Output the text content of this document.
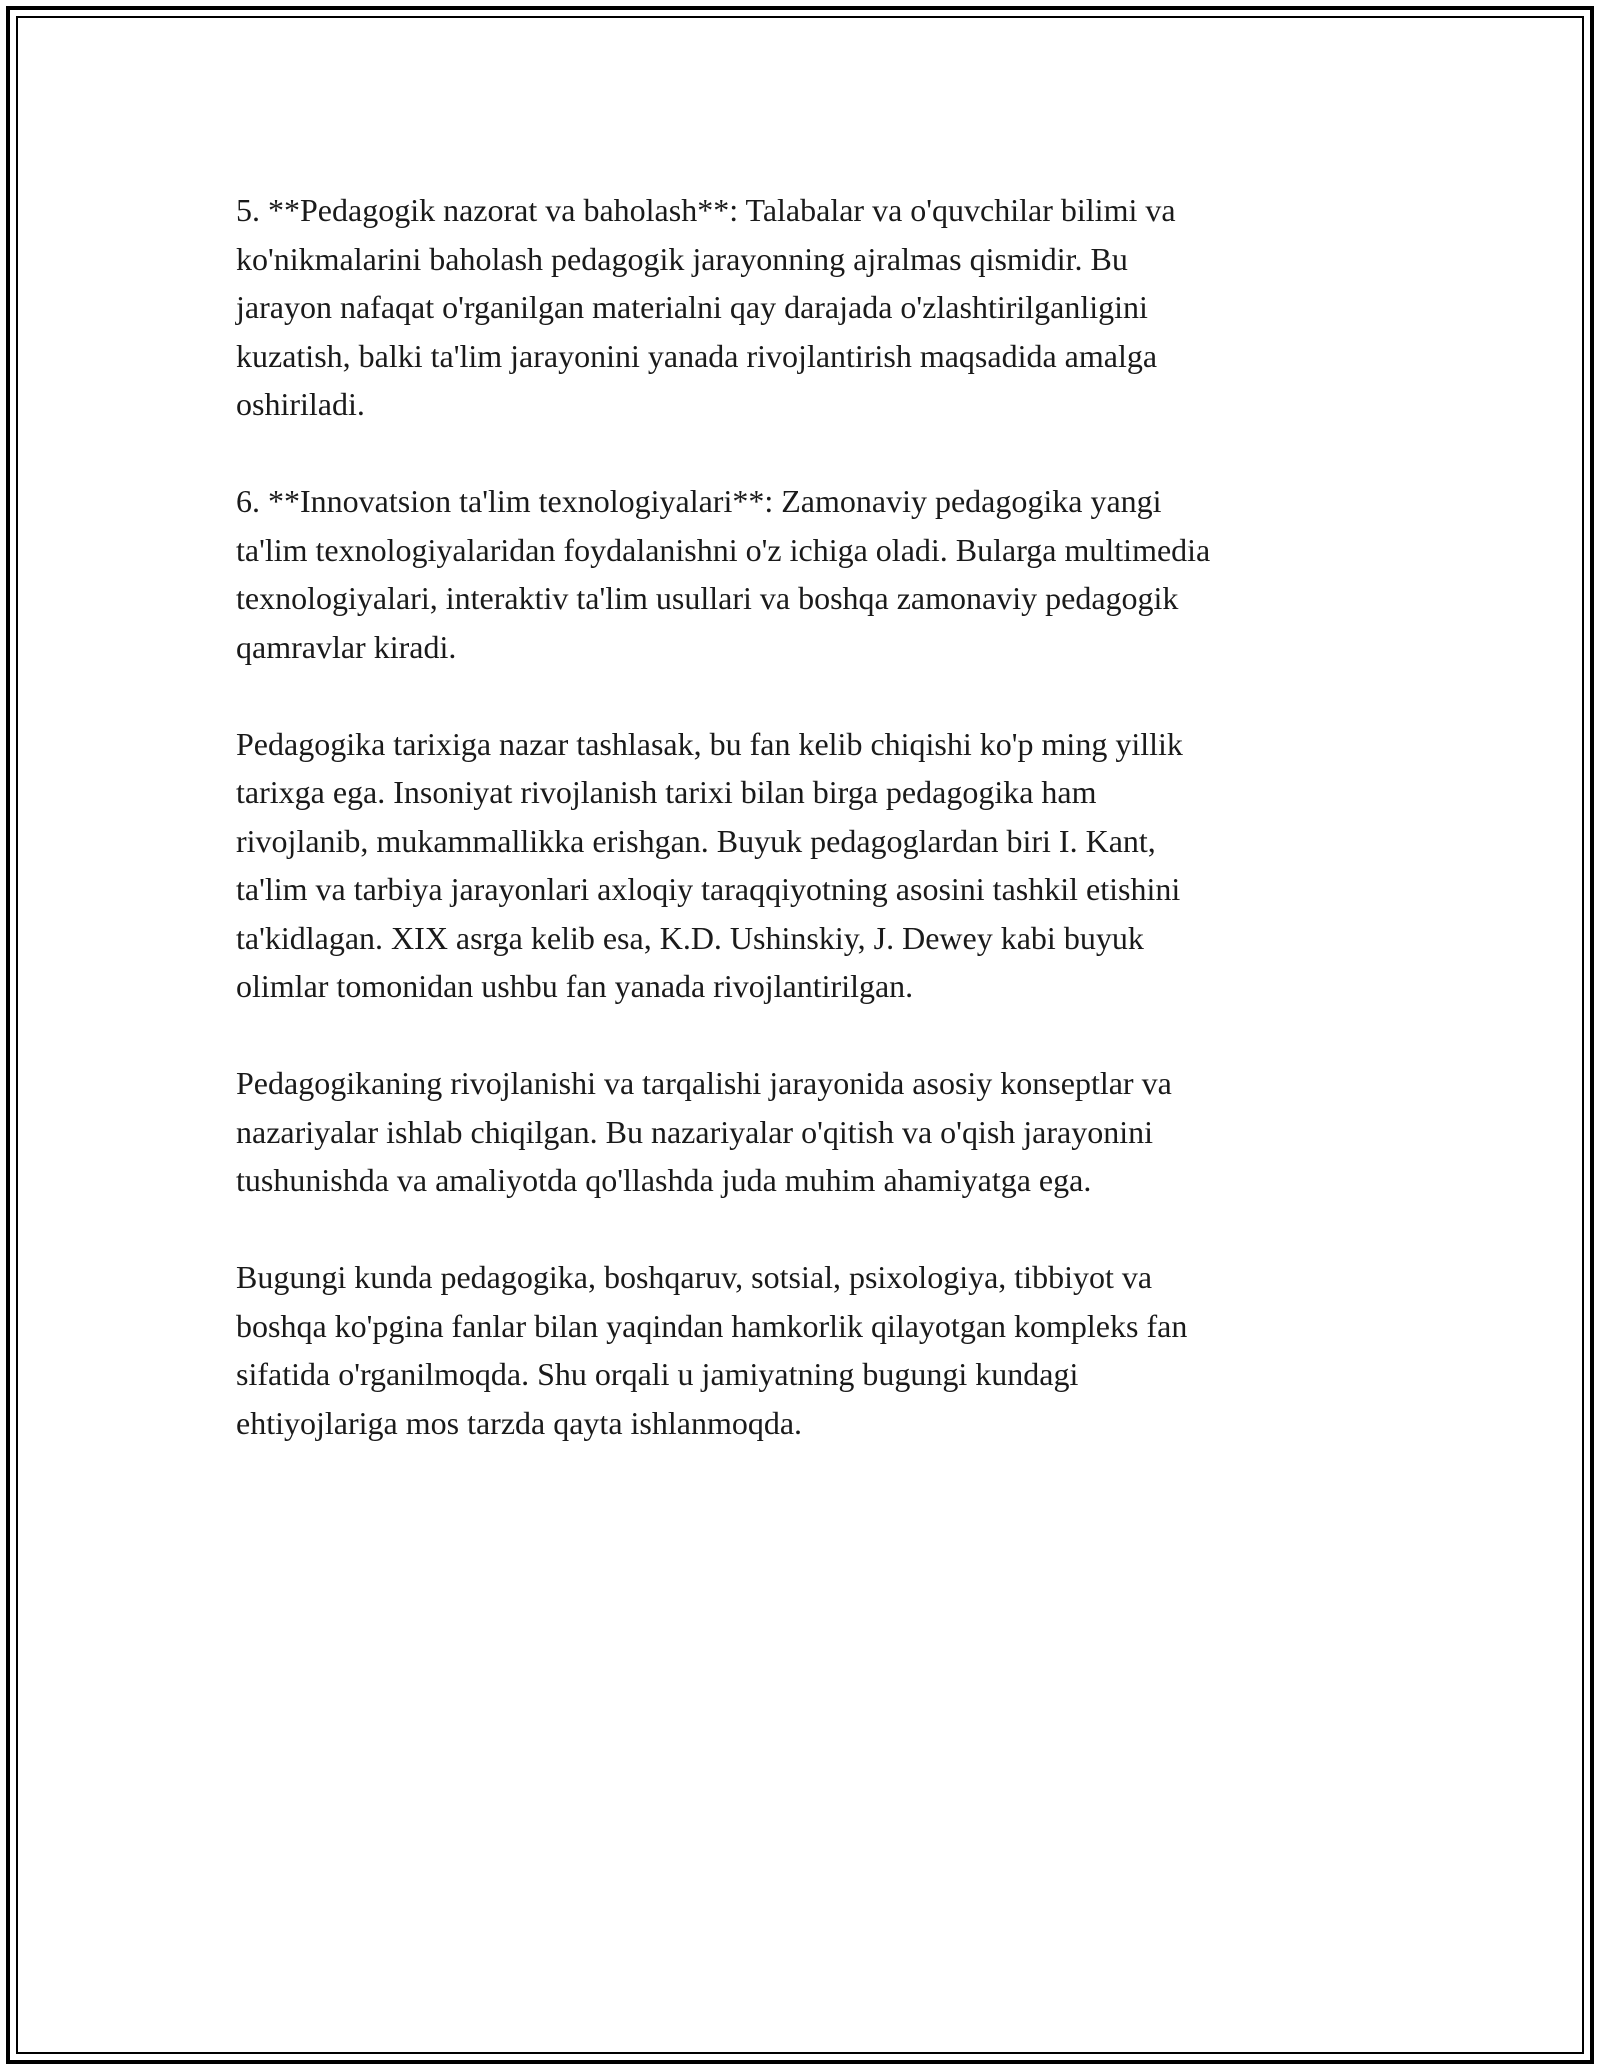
5. **Pedagogik nazorat va baholash**: Talabalar va o'quvchilar bilimi va
ko'nikmalarini baholash pedagogik jarayonning ajralmas qismidir. Bu
jarayon nafaqat o'rganilgan materialni qay darajada o'zlashtirilganligini
kuzatish, balki ta'lim jarayonini yanada rivojlantirish maqsadida amalga
oshiriladi.

6. **Innovatsion ta'lim texnologiyalari**: Zamonaviy pedagogika yangi
ta'lim texnologiyalaridan foydalanishni o'z ichiga oladi. Bularga multimedia
texnologiyalari, interaktiv ta'lim usullari va boshqa zamonaviy pedagogik
qamravlar kiradi.

Pedagogika tarixiga nazar tashlasak, bu fan kelib chiqishi ko'p ming yillik
tarixga ega. Insoniyat rivojlanish tarixi bilan birga pedagogika ham
rivojlanib, mukammallikka erishgan. Buyuk pedagoglardan biri I. Kant,
ta'lim va tarbiya jarayonlari axloqiy taraqqiyotning asosini tashkil etishini
ta'kidlagan. XIX asrga kelib esa, K.D. Ushinskiy, J. Dewey kabi buyuk
olimlar tomonidan ushbu fan yanada rivojlantirilgan.

Pedagogikaning rivojlanishi va tarqalishi jarayonida asosiy konseptlar va
nazariyalar ishlab chiqilgan. Bu nazariyalar o'qitish va o'qish jarayonini
tushunishda va amaliyotda qo'llashda juda muhim ahamiyatga ega.

Bugungi kunda pedagogika, boshqaruv, sotsial, psixologiya, tibbiyot va
boshqa ko'pgina fanlar bilan yaqindan hamkorlik qilayotgan kompleks fan
sifatida o'rganilmoqda. Shu orqali u jamiyatning bugungi kundagi
ehtiyojlariga mos tarzda qayta ishlanmoqda.
